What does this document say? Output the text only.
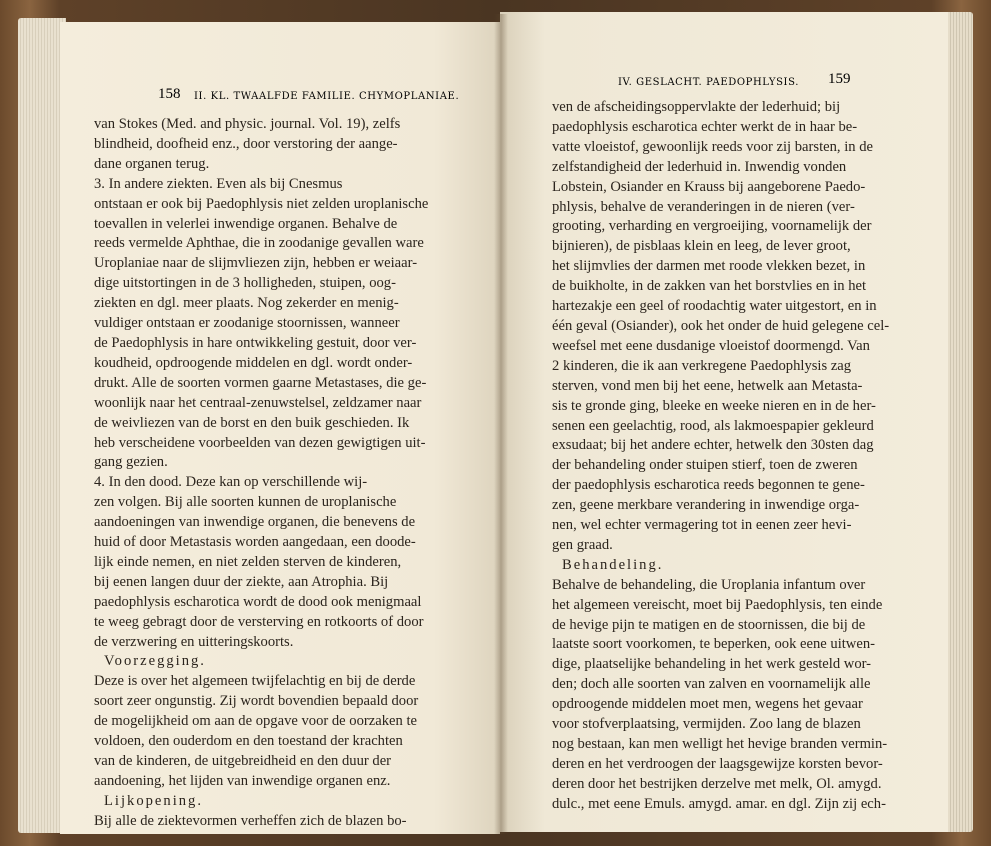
158 II. KL. TWAALFDE FAMILIE. CHYMOPLANIAE.
IV. GESLACHT. PAEDOPHLYSIS. 159
van Stokes (Med. and physic. journal. Vol. 19), zelfs
blindheid, doofheid enz., door verstoring der aange-
dane organen terug.
3. In andere ziekten. Even als bij Cnesmus
ontstaan er ook bij Paedophlysis niet zelden uroplanische
toevallen in velerlei inwendige organen. Behalve de
reeds vermelde Aphthae, die in zoodanige gevallen ware
Uroplaniae naar de slijmvliezen zijn, hebben er weiaar-
dige uitstortingen in de 3 holligheden, stuipen, oog-
ziekten en dgl. meer plaats. Nog zekerder en menig-
vuldiger ontstaan er zoodanige stoornissen, wanneer
de Paedophlysis in hare ontwikkeling gestuit, door ver-
koudheid, opdroogende middelen en dgl. wordt onder-
drukt. Alle de soorten vormen gaarne Metastases, die ge-
woonlijk naar het centraal-zenuwstelsel, zeldzamer naar
de weivliezen van de borst en den buik geschieden. Ik
heb verscheidene voorbeelden van dezen gewigtigen uit-
gang gezien.
4. In den dood. Deze kan op verschillende wij-
zen volgen. Bij alle soorten kunnen de uroplanische
aandoeningen van inwendige organen, die benevens de
huid of door Metastasis worden aangedaan, een doode-
lijk einde nemen, en niet zelden sterven de kinderen,
bij eenen langen duur der ziekte, aan Atrophia. Bij
paedophlysis escharotica wordt de dood ook menigmaal
te weeg gebragt door de versterving en rotkoorts of door
de verzwering en uitteringskoorts.
Voorzegging.
Deze is over het algemeen twijfelachtig en bij de derde
soort zeer ongunstig. Zij wordt bovendien bepaald door
de mogelijkheid om aan de opgave voor de oorzaken te
voldoen, den ouderdom en den toestand der krachten
van de kinderen, de uitgebreidheid en den duur der
aandoening, het lijden van inwendige organen enz.
Lijkopening.
Bij alle de ziektevormen verheffen zich de blazen bo-
ven de afscheidingsoppervlakte der lederhuid; bij
paedophlysis escharotica echter werkt de in haar be-
vatte vloeistof, gewoonlijk reeds voor zij barsten, in de
zelfstandigheid der lederhuid in. Inwendig vonden
Lobstein, Osiander en Krauss bij aangeborene Paedo-
phlysis, behalve de veranderingen in de nieren (ver-
grooting, verharding en vergroeijing, voornamelijk der
bijnieren), de pisblaas klein en leeg, de lever groot,
het slijmvlies der darmen met roode vlekken bezet, in
de buikholte, in de zakken van het borstvlies en in het
hartezakje een geel of roodachtig water uitgestort, en in
één geval (Osiander), ook het onder de huid gelegene cel-
weefsel met eene dusdanige vloeistof doormengd. Van
2 kinderen, die ik aan verkregene Paedophlysis zag
sterven, vond men bij het eene, hetwelk aan Metasta-
sis te gronde ging, bleeke en weeke nieren en in de her-
senen een geelachtig, rood, als lakmoespapier gekleurd
exsudaat; bij het andere echter, hetwelk den 30sten dag
der behandeling onder stuipen stierf, toen de zweren
der paedophlysis escharotica reeds begonnen te gene-
zen, geene merkbare verandering in inwendige orga-
nen, wel echter vermagering tot in eenen zeer hevi-
gen graad.
Behandeling.
Behalve de behandeling, die Uroplania infantum over
het algemeen vereischt, moet bij Paedophlysis, ten einde
de hevige pijn te matigen en de stoornissen, die bij de
laatste soort voorkomen, te beperken, ook eene uitwen-
dige, plaatselijke behandeling in het werk gesteld wor-
den; doch alle soorten van zalven en voornamelijk alle
opdroogende middelen moet men, wegens het gevaar
voor stofverplaatsing, vermijden. Zoo lang de blazen
nog bestaan, kan men welligt het hevige branden vermin-
deren en het verdroogen der laagsgewijze korsten bevor-
deren door het bestrijken derzelve met melk, Ol. amygd.
dulc., met eene Emuls. amygd. amar. en dgl. Zijn zij ech-
